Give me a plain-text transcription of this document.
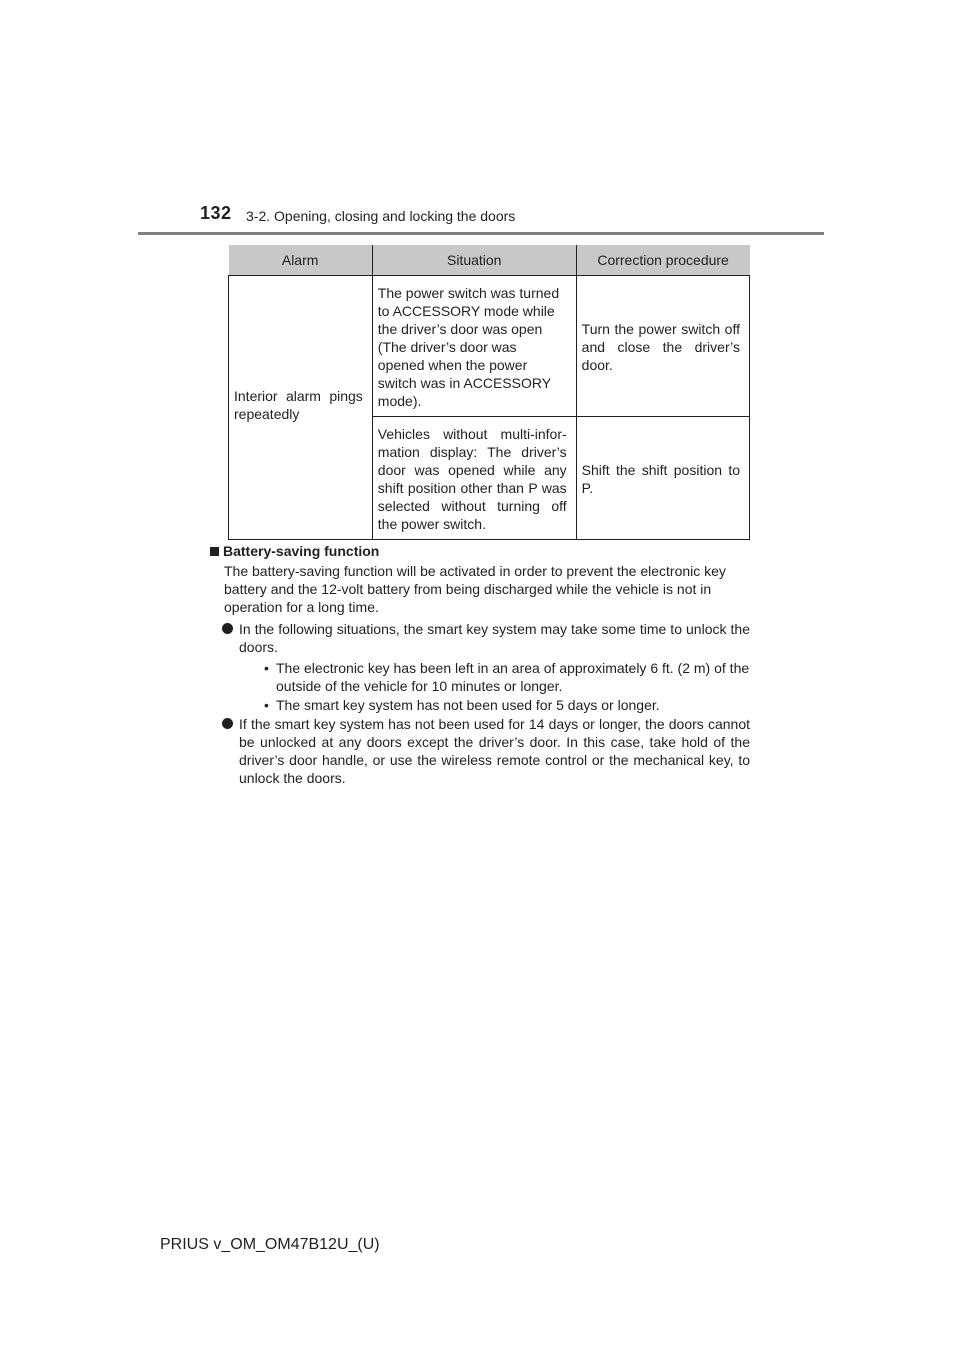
132 3-2. Opening, closing and locking the doors
Alarm	Situation	Correction procedure
Interior alarm pings repeatedly	The power switch was turned to ACCESSORY mode while the driver’s door was open (The driver’s door was opened when the power switch was in ACCESSORY mode).	Turn the power switch off and close the driver’s door.
	Vehicles without multi-infor-mation display: The driver’s door was opened while any shift position other than P was selected without turning off the power switch.	Shift the shift position to P.
Battery-saving function
The battery-saving function will be activated in order to prevent the electronic key battery and the 12-volt battery from being discharged while the vehicle is not in operation for a long time.
In the following situations, the smart key system may take some time to unlock the doors.
• The electronic key has been left in an area of approximately 6 ft. (2 m) of the outside of the vehicle for 10 minutes or longer.
• The smart key system has not been used for 5 days or longer.
If the smart key system has not been used for 14 days or longer, the doors cannot be unlocked at any doors except the driver’s door. In this case, take hold of the driver’s door handle, or use the wireless remote control or the mechanical key, to unlock the doors.
PRIUS v_OM_OM47B12U_(U)
